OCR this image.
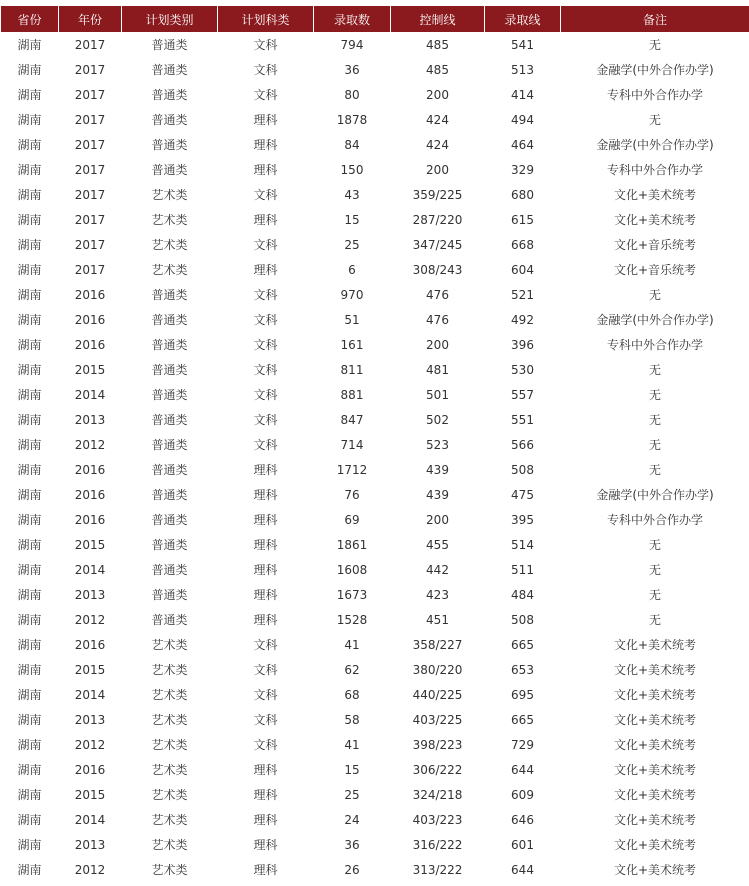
省份	年份	计划类别	计划科类	录取数	控制线	录取线	备注
湖南	2017	普通类	文科	794	485	541	无
湖南	2017	普通类	文科	36	485	513	金融学(中外合作办学)
湖南	2017	普通类	文科	80	200	414	专科中外合作办学
湖南	2017	普通类	理科	1878	424	494	无
湖南	2017	普通类	理科	84	424	464	金融学(中外合作办学)
湖南	2017	普通类	理科	150	200	329	专科中外合作办学
湖南	2017	艺术类	文科	43	359/225	680	文化+美术统考
湖南	2017	艺术类	理科	15	287/220	615	文化+美术统考
湖南	2017	艺术类	文科	25	347/245	668	文化+音乐统考
湖南	2017	艺术类	理科	6	308/243	604	文化+音乐统考
湖南	2016	普通类	文科	970	476	521	无
湖南	2016	普通类	文科	51	476	492	金融学(中外合作办学)
湖南	2016	普通类	文科	161	200	396	专科中外合作办学
湖南	2015	普通类	文科	811	481	530	无
湖南	2014	普通类	文科	881	501	557	无
湖南	2013	普通类	文科	847	502	551	无
湖南	2012	普通类	文科	714	523	566	无
湖南	2016	普通类	理科	1712	439	508	无
湖南	2016	普通类	理科	76	439	475	金融学(中外合作办学)
湖南	2016	普通类	理科	69	200	395	专科中外合作办学
湖南	2015	普通类	理科	1861	455	514	无
湖南	2014	普通类	理科	1608	442	511	无
湖南	2013	普通类	理科	1673	423	484	无
湖南	2012	普通类	理科	1528	451	508	无
湖南	2016	艺术类	文科	41	358/227	665	文化+美术统考
湖南	2015	艺术类	文科	62	380/220	653	文化+美术统考
湖南	2014	艺术类	文科	68	440/225	695	文化+美术统考
湖南	2013	艺术类	文科	58	403/225	665	文化+美术统考
湖南	2012	艺术类	文科	41	398/223	729	文化+美术统考
湖南	2016	艺术类	理科	15	306/222	644	文化+美术统考
湖南	2015	艺术类	理科	25	324/218	609	文化+美术统考
湖南	2014	艺术类	理科	24	403/223	646	文化+美术统考
湖南	2013	艺术类	理科	36	316/222	601	文化+美术统考
湖南	2012	艺术类	理科	26	313/222	644	文化+美术统考
